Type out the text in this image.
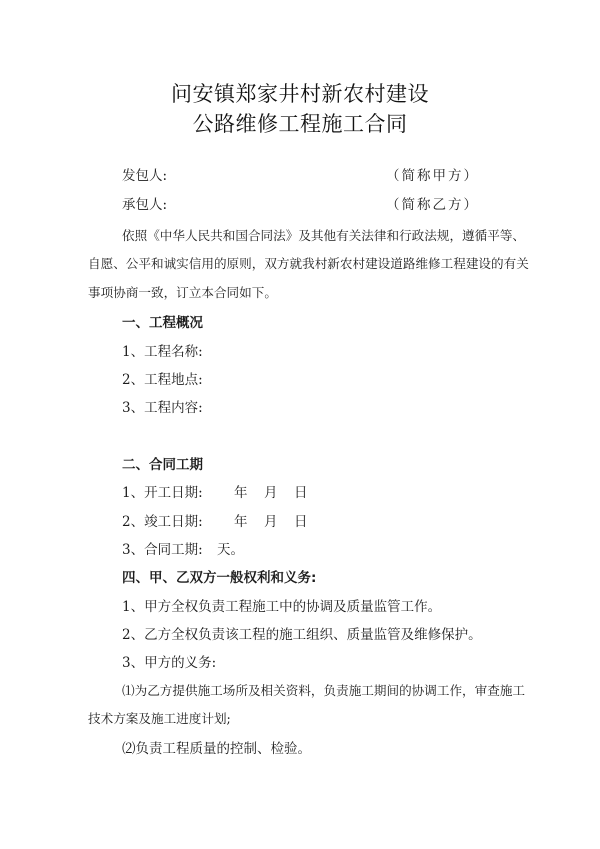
问安镇郑家井村新农村建设
公路维修工程施工合同
发包人:	（简称甲方）
承包人:	（简称乙方）
依照《中华人民共和国合同法》及其他有关法律和行政法规，遵循平等、
自愿、公平和诚实信用的原则，双方就我村新农村建设道路维修工程建设的有关
事项协商一致，订立本合同如下。
一、工程概况
1、工程名称:
2、工程地点:
3、工程内容:
二、合同工期
1、开工日期: 年 月 日
2、竣工日期: 年 月 日
3、合同工期: 天。
四、甲、乙双方一般权利和义务:
1、甲方全权负责工程施工中的协调及质量监管工作。
2、乙方全权负责该工程的施工组织、质量监管及维修保护。
3、甲方的义务:
⑴为乙方提供施工场所及相关资料，负责施工期间的协调工作，审查施工
技术方案及施工进度计划;
⑵负责工程质量的控制、检验。
